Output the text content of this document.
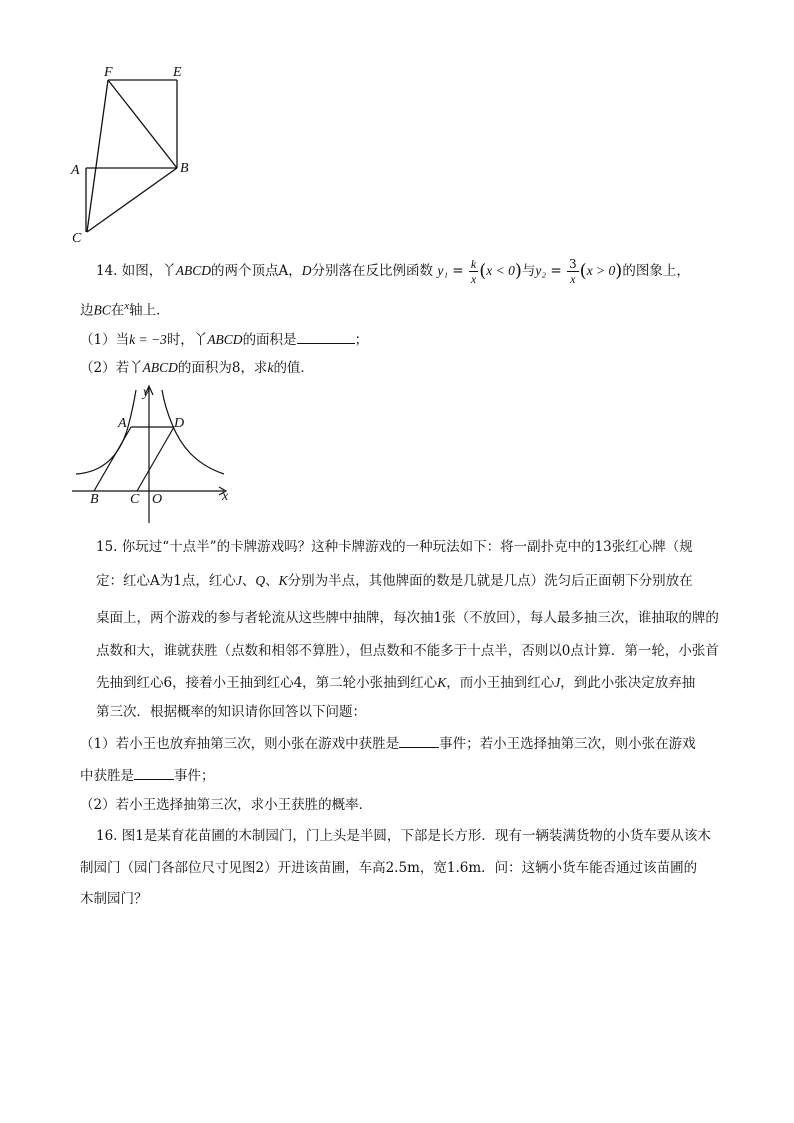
F	E
A	B
C
14. 如图，丫ABCD的两个顶点A，D分别落在反比例函数 $y_1 = \frac{k}{x} (x < 0)$与$y_2 = \frac{3}{x} (x > 0)$的图象上，
边BC在$^x$轴上．
（1）当k = −3时，丫ABCD的面积是	；
（2）若丫ABCD的面积为8，求k的值．
y
x
A	D
B C O
15. 你玩过“十点半”的卡牌游戏吗？这种卡牌游戏的一种玩法如下：将一副扑克中的13张红心牌（规
定：红心A为1点，红心J、Q、K分别为半点，其他牌面的数是几就是几点）洗匀后正面朝下分别放在
桌面上，两个游戏的参与者轮流从这些牌中抽牌，每次抽1张（不放回），每人最多抽三次，谁抽取的牌的
点数和大，谁就获胜（点数和相邻不算胜），但点数和不能多于十点半，否则以0点计算．第一轮，小张首
先抽到红心6，接着小王抽到红心4，第二轮小张抽到红心K，而小王抽到红心J，到此小张决定放弃抽
第三次．根据概率的知识请你回答以下问题：
（1）若小王也放弃抽第三次，则小张在游戏中获胜是	事件；若小王选择抽第三次，则小张在游戏
中获胜是	事件；
（2）若小王选择抽第三次，求小王获胜的概率．
16. 图1是某育花苗圃的木制园门，门上头是半圆，下部是长方形．现有一辆装满货物的小货车要从该木
制园门（园门各部位尺寸见图2）开进该苗圃，车高2.5m，宽1.6m．问：这辆小货车能否通过该苗圃的
木制园门？
